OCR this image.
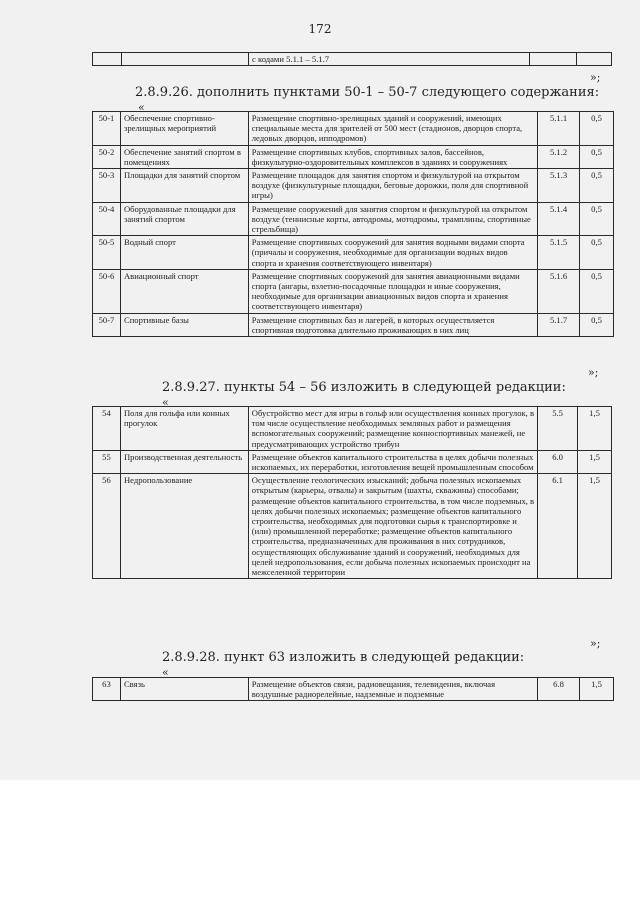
172
		с кодами 5.1.1 – 5.1.7		
»;
2.8.9.26. дополнить пунктами 50-1 – 50-7 следующего содержания:
«
50-1	Обеспечение спортивно-зрелищных мероприятий	Размещение спортивно-зрелищных зданий и сооружений, имеющих специальные места для зрителей от 500 мест (стадионов, дворцов спорта, ледовых дворцов, ипподромов)	5.1.1	0,5
50-2	Обеспечение занятий спортом в помещениях	Размещение спортивных клубов, спортивных залов, бассейнов, физкультурно-оздоровительных комплексов в зданиях и сооружениях	5.1.2	0,5
50-3	Площадки для занятий спортом	Размещение площадок для занятия спортом и физкультурой на открытом воздухе (физкультурные площадки, беговые дорожки, поля для спортивной игры)	5.1.3	0,5
50-4	Оборудованные площадки для занятий спортом	Размещение сооружений для занятия спортом и физкультурой на открытом воздухе (теннисные корты, автодромы, мотодромы, трамплины, спортивные стрельбища)	5.1.4	0,5
50-5	Водный спорт	Размещение спортивных сооружений для занятия водными видами спорта (причалы и сооружения, необходимые для организации водных видов спорта и хранения соответствующего инвентаря)	5.1.5	0,5
50-6	Авиационный спорт	Размещение спортивных сооружений для занятия авиационными видами спорта (ангары, взлетно-посадочные площадки и иные сооружения, необходимые для организации авиационных видов спорта и хранения соответствующего инвентаря)	5.1.6	0,5
50-7	Спортивные базы	Размещение спортивных баз и лагерей, в которых осуществляется спортивная подготовка длительно проживающих в них лиц	5.1.7	0,5
»;
2.8.9.27. пункты 54 – 56 изложить в следующей редакции:
«
54	Поля для гольфа или конных прогулок	Обустройство мест для игры в гольф или осуществления конных прогулок, в том числе осуществление необходимых земляных работ и размещения вспомогательных сооружений; размещение конноспортивных манежей, не предусматривающих устройство трибун	5.5	1,5
55	Производственная деятельность	Размещение объектов капитального строительства в целях добычи полезных ископаемых, их переработки, изготовления вещей промышленным способом	6.0	1,5
56	Недропользование	Осуществление геологических изысканий; добыча полезных ископаемых открытым (карьеры, отвалы) и закрытым (шахты, скважины) способами; размещение объектов капитального строительства, в том числе подземных, в целях добычи полезных ископаемых; размещение объектов капитального строительства, необходимых для подготовки сырья к транспортировке и (или) промышленной переработке; размещение объектов капитального строительства, предназначенных для проживания в них сотрудников, осуществляющих обслуживание зданий и сооружений, необходимых для целей недропользования, если добыча полезных ископаемых происходит на межселенной территории	6.1	1,5
»;
2.8.9.28. пункт 63 изложить в следующей редакции:
«
63	Связь	Размещение объектов связи, радиовещания, телевидения, включая воздушные радиорелейные, надземные и подземные	6.8	1,5
